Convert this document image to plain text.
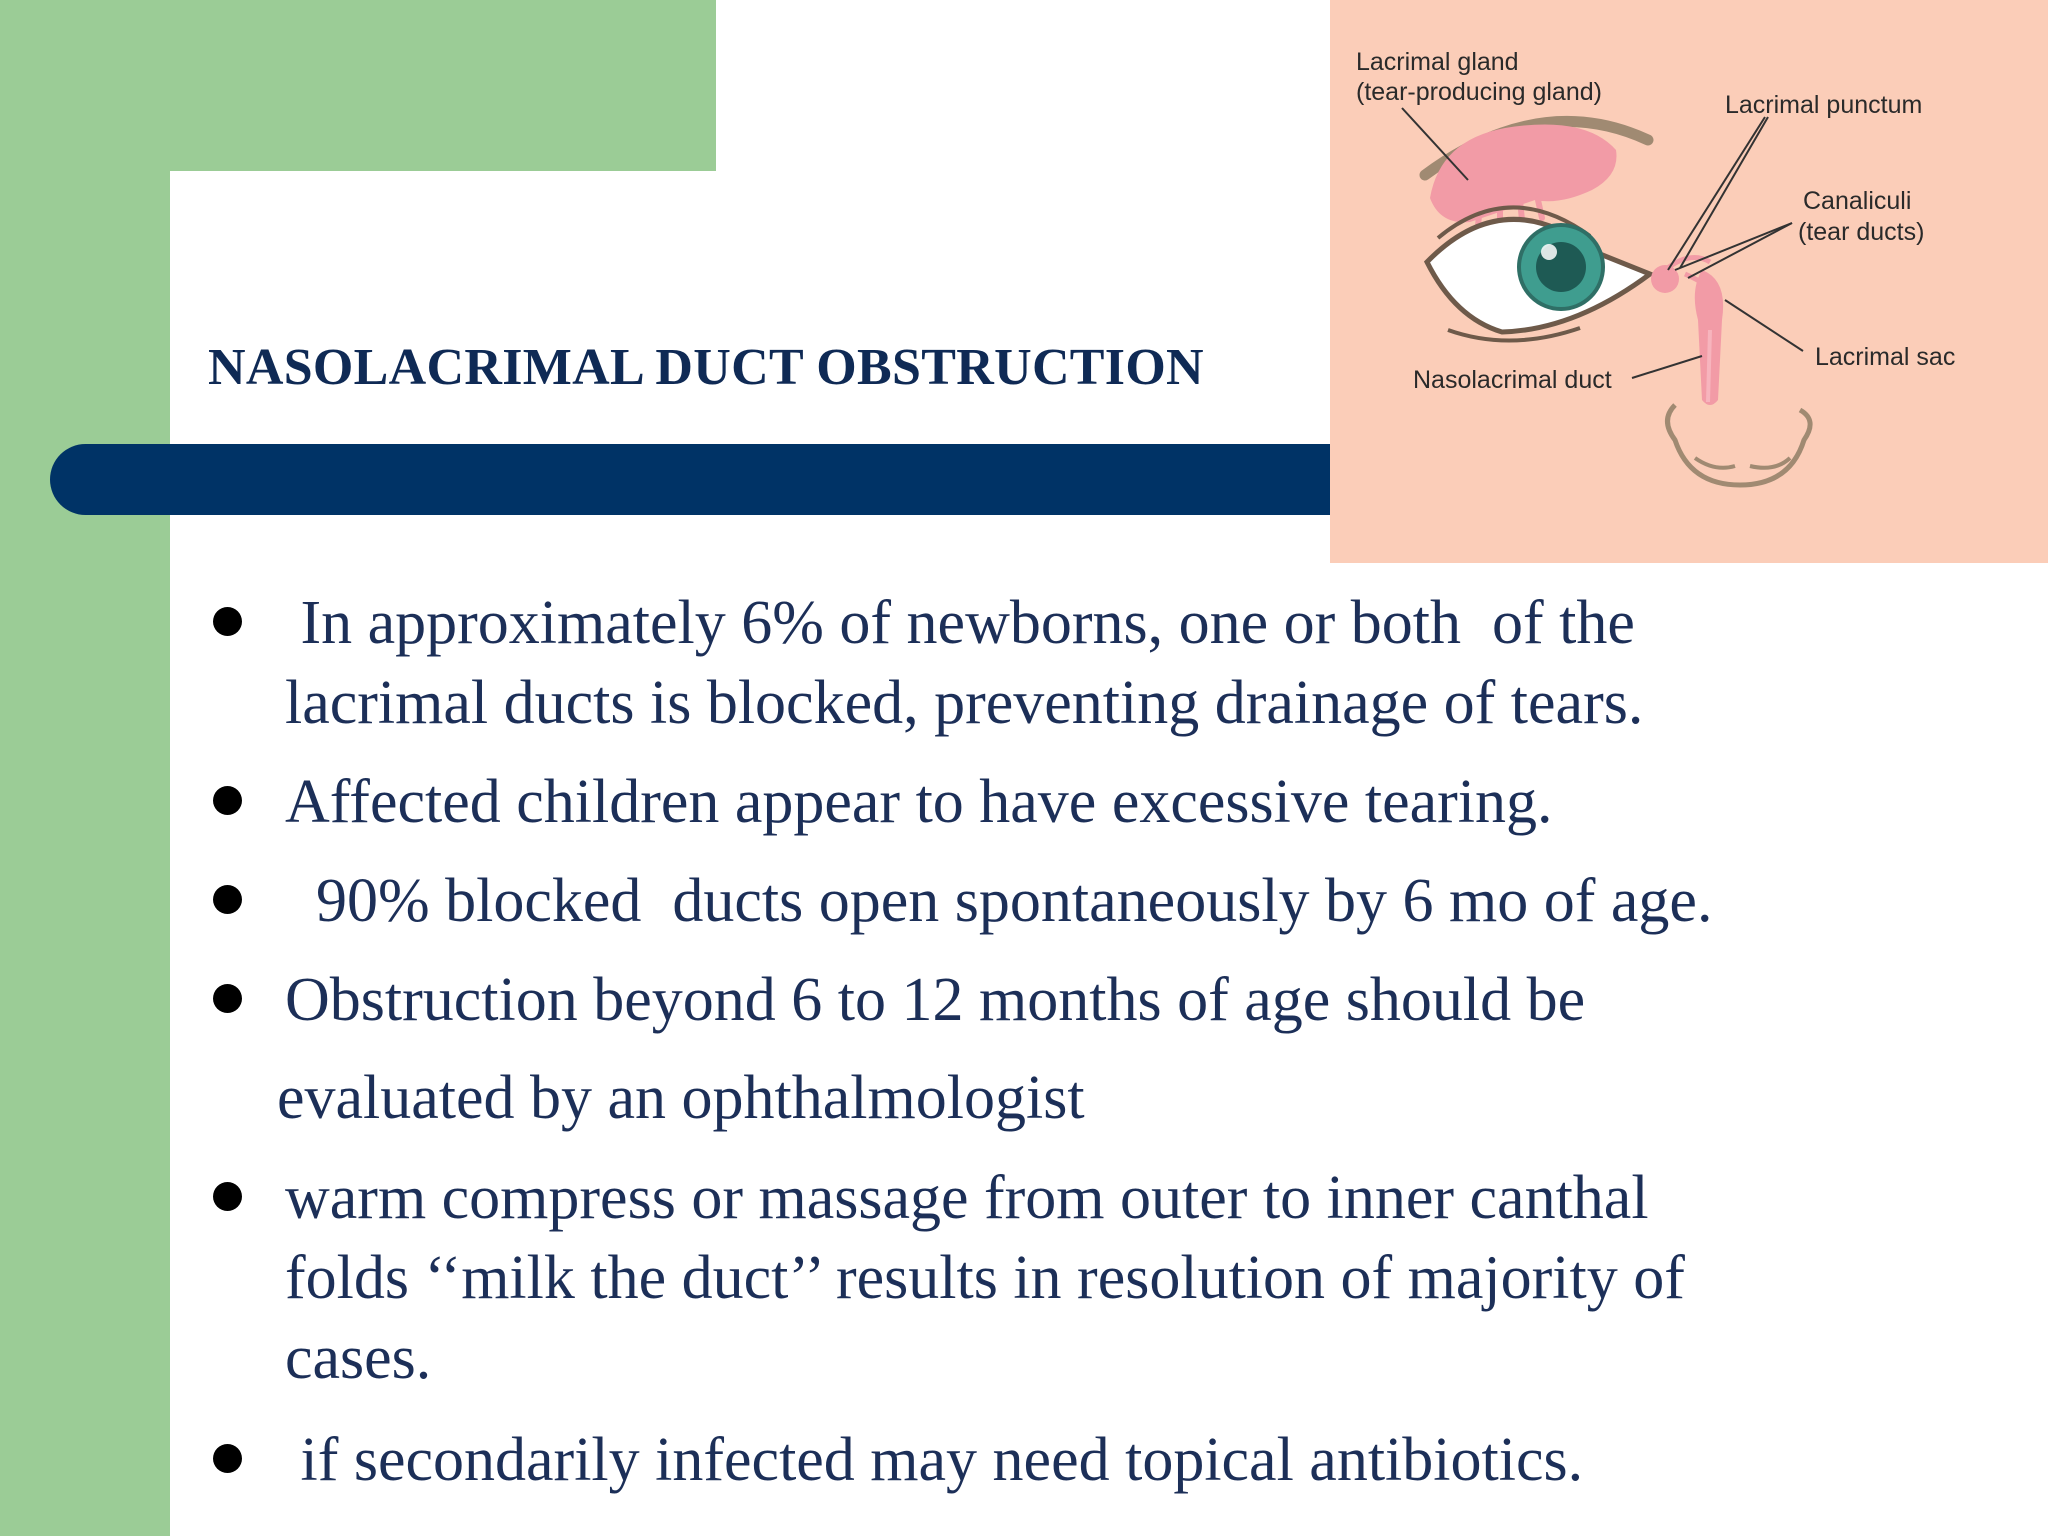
NASOLACRIMAL DUCT OBSTRUCTION
In approximately 6% of newborns, one or both  of the
lacrimal ducts is blocked, preventing drainage of tears.
Affected children appear to have excessive tearing.
90% blocked  ducts open spontaneously by 6 mo of age.
Obstruction beyond 6 to 12 months of age should be
evaluated by an ophthalmologist
warm compress or massage from outer to inner canthal
folds ‘‘milk the duct’’ results in resolution of majority of
cases.
if secondarily infected may need topical antibiotics.
Lacrimal gland
(tear-producing gland)	Lacrimal punctum
Canaliculi
(tear ducts)
Lacrimal sac
Nasolacrimal duct
